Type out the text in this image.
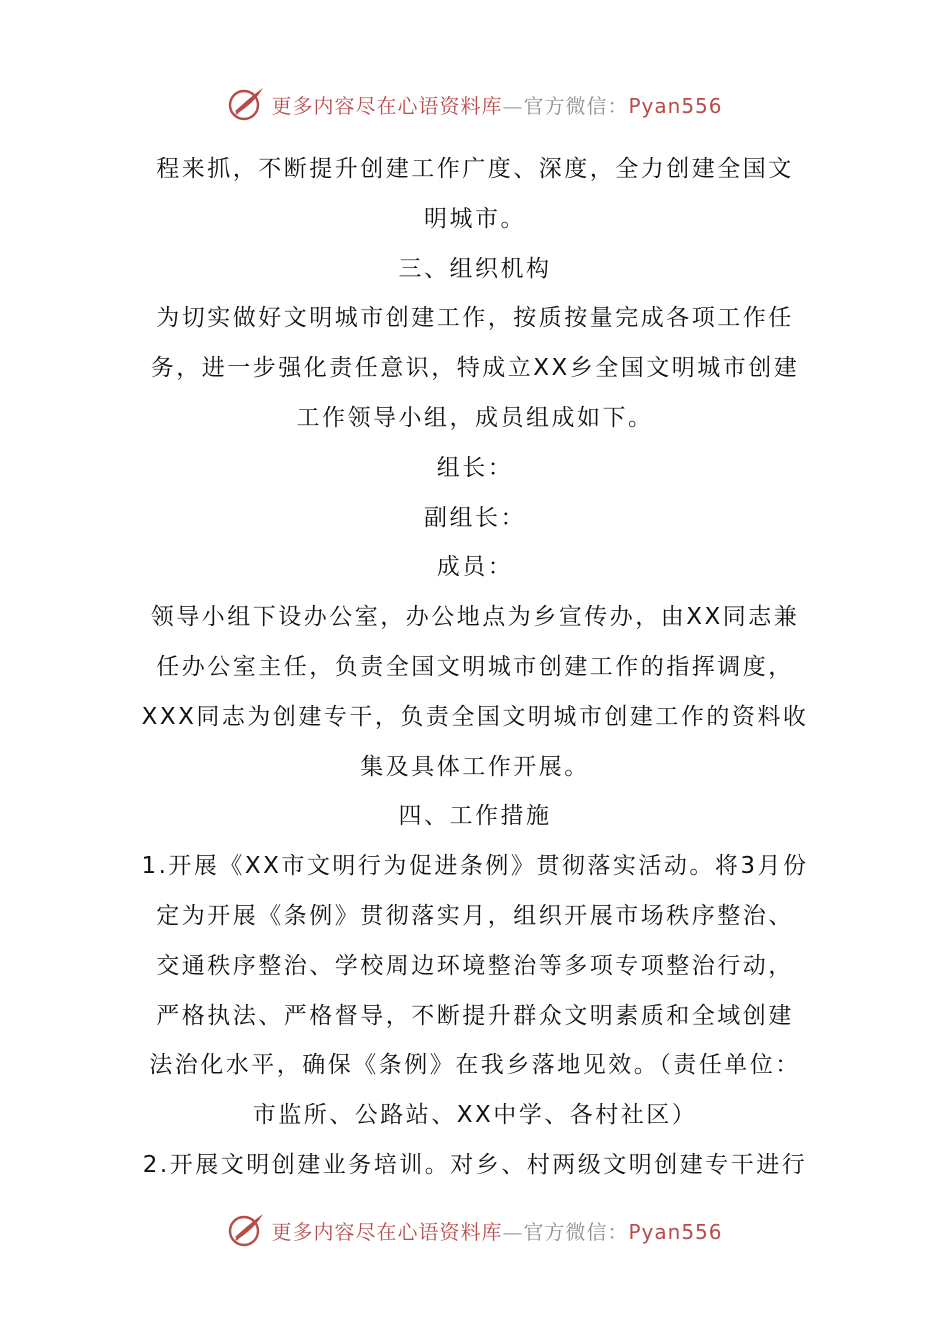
更多内容尽在心语资料库—官方微信：Pyan556
程来抓，不断提升创建工作广度、深度，全力创建全国文
明城市。
三、组织机构
为切实做好文明城市创建工作，按质按量完成各项工作任
务，进一步强化责任意识，特成立XX乡全国文明城市创建
工作领导小组，成员组成如下。
组长：
副组长：
成员：
领导小组下设办公室，办公地点为乡宣传办，由XX同志兼
任办公室主任，负责全国文明城市创建工作的指挥调度，
XXX同志为创建专干，负责全国文明城市创建工作的资料收
集及具体工作开展。
四、工作措施
1.开展《XX市文明行为促进条例》贯彻落实活动。将3月份
定为开展《条例》贯彻落实月，组织开展市场秩序整治、
交通秩序整治、学校周边环境整治等多项专项整治行动，
严格执法、严格督导，不断提升群众文明素质和全域创建
法治化水平，确保《条例》在我乡落地见效。（责任单位：
市监所、公路站、XX中学、各村社区）
2.开展文明创建业务培训。对乡、村两级文明创建专干进行
更多内容尽在心语资料库—官方微信：Pyan556
